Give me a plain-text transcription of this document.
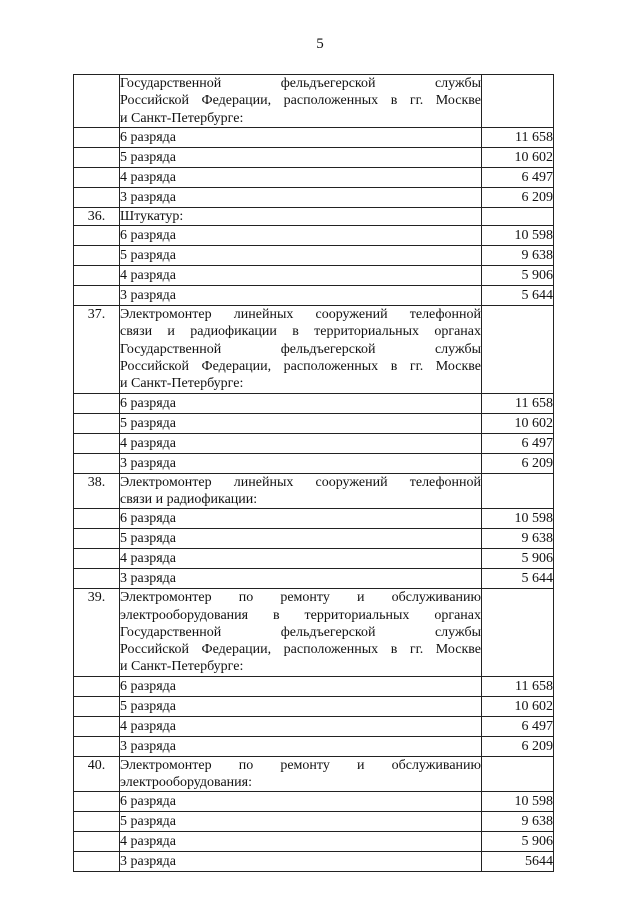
5

	Государственной фельдъегерской службы
Российской Федерации, расположенных в гг. Москве
и Санкт-Петербурге:	

	6 разряда	11 658
	5 разряда	10 602
	4 разряда	6 497
	3 разряда	6 209
36.	Штукатур:	

	6 разряда	10 598
	5 разряда	9 638
	4 разряда	5 906
	3 разряда	5 644
37.	Электромонтер линейных сооружений телефонной
связи и радиофикации в территориальных органах
Государственной фельдъегерской службы
Российской Федерации, расположенных в гг. Москве
и Санкт-Петербурге:	

	6 разряда	11 658
	5 разряда	10 602
	4 разряда	6 497
	3 разряда	6 209
38.	Электромонтер линейных сооружений телефонной
связи и радиофикации:	

	6 разряда	10 598
	5 разряда	9 638
	4 разряда	5 906
	3 разряда	5 644
39.	Электромонтер по ремонту и обслуживанию
электрооборудования в территориальных органах
Государственной фельдъегерской службы
Российской Федерации, расположенных в гг. Москве
и Санкт-Петербурге:	

	6 разряда	11 658
	5 разряда	10 602
	4 разряда	6 497
	3 разряда	6 209
40.	Электромонтер по ремонту и обслуживанию
электрооборудования:	

	6 разряда	10 598
	5 разряда	9 638
	4 разряда	5 906
	3 разряда	5644
